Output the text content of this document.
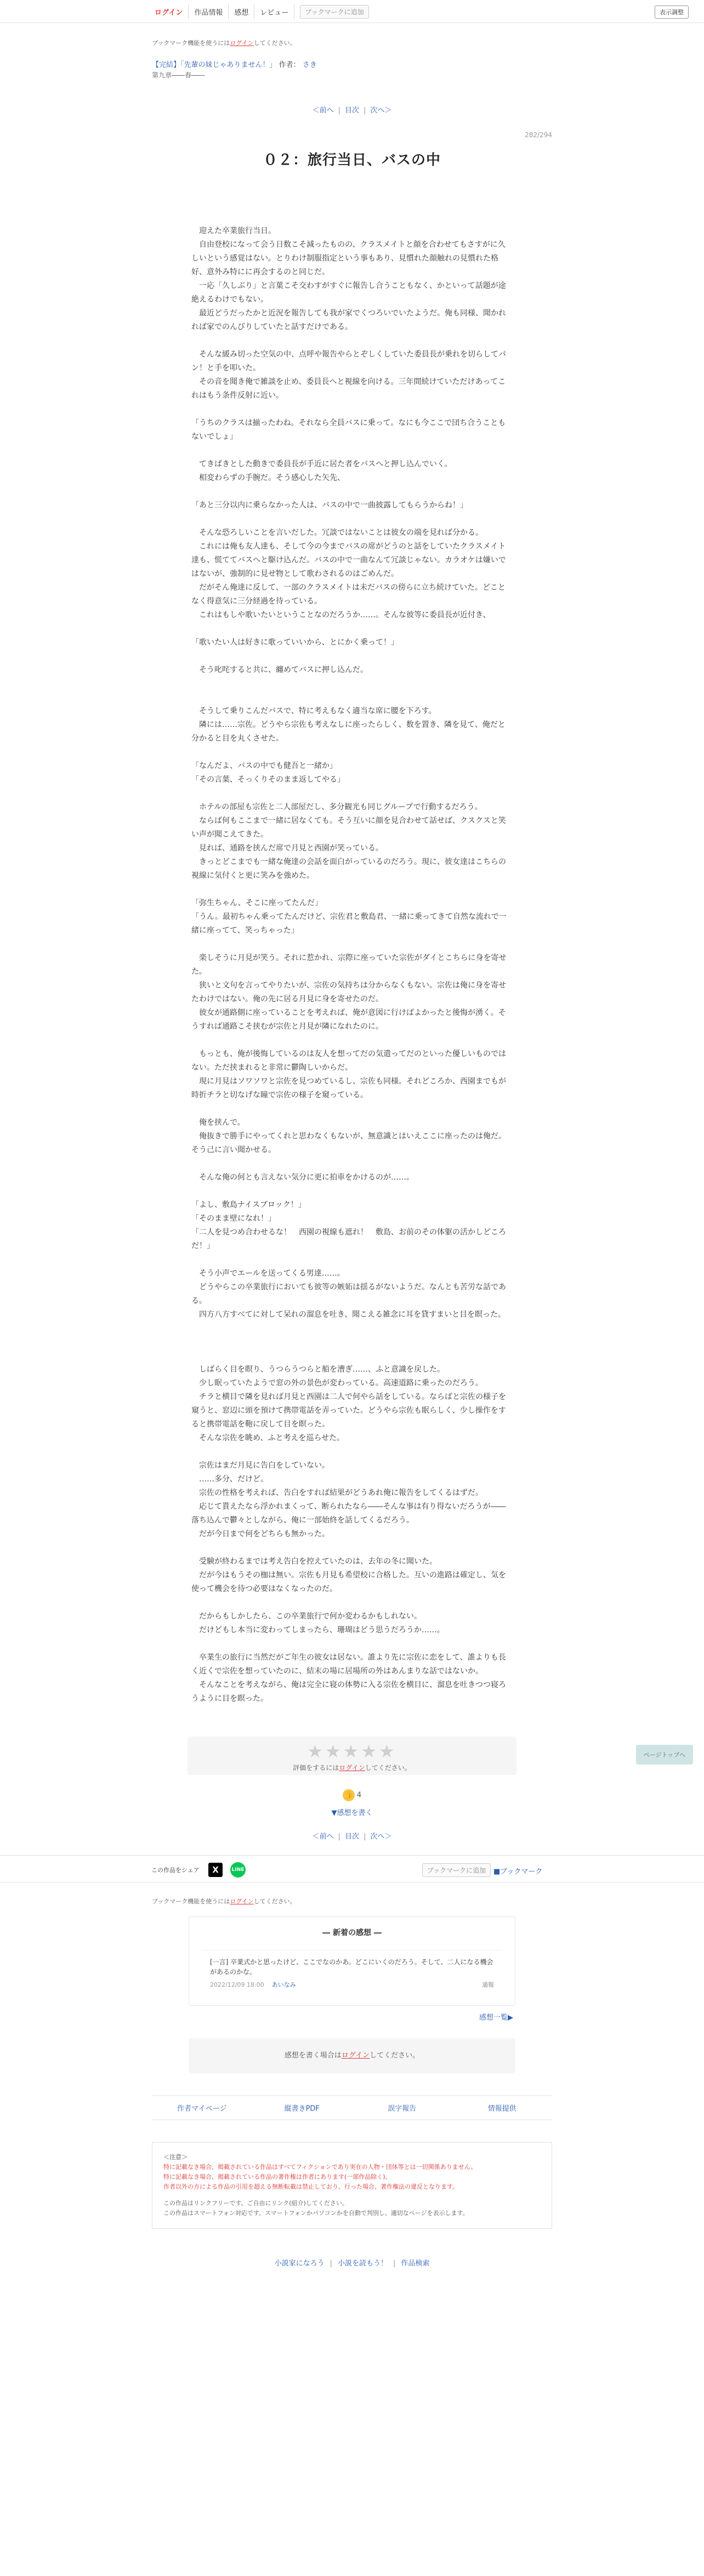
ログイン	作品情報	感想	レビュー	ブックマークに追加	表示調整
ブックマーク機能を使うにはログインしてください。
【完結】「先輩の妹じゃありません！」 作者： さき
第九章――春――
＜前へ | 目次 | 次へ＞
282/294
０２：旅行当日、バスの中

　迎えた卒業旅行当日。

　自由登校になって会う日数こそ減ったものの、クラスメイトと顔を合わせてもさすがに久しいという感覚はない。とりわけ制服指定という事もあり、見慣れた顔触れの見慣れた格好、意外み特にに再会するのと同じだ。

　一応「久しぶり」と言葉こそ交わすがすぐに報告し合うこともなく、かといって話題が途絶えるわけでもない。

　最近どうだったかと近況を報告しても我が家でくつろいでいたようだ。俺も同様、聞かれれば家でのんびりしていたと話すだけである。

　そんな緩み切った空気の中、点呼や報告やらとぞしくしていた委員長が乗れを切らしてパン！と手を叩いた。

　その音を聞き俺で雑談を止め、委員長へと視線を向ける。三年間続けていただけあってこれはもう条件反射に近い。

「うちのクラスは揃ったわね。それなら全員バスに乗って。なにも今ここで団ち合うこともないでしょ」

　てきぱきとした動きで委員長が手近に居た者をバスへと押し込んでいく。

　相変わらずの手腕だ。そう感心した矢先、

「あと三分以内に乗らなかった人は、バスの中で一曲披露してもらうからね！」

　そんな恐ろしいことを言いだした。冗談ではないことは彼女の端を見れば分かる。

　これには俺も友人達も、そして今の今までバスの席がどうのと話をしていたクラスメイト達も、慌ててバスへと駆け込んだ。バスの中で一曲なんて冗談じゃない。カラオケは嫌いではないが、強制的に見せ物として歌わされるのはごめんだ。

　だがそん俺達に反して、一部のクラスメイトは未だバスの傍らに立ち続けていた。どことなく得意気に三分経過を待っている。

　これはもしや歌いたいということなのだろうか……。そんな彼等に委員長が近付き、

「歌いたい人は好きに歌っていいから、とにかく乗って！」

　そう叱咤すると共に、纏めてバスに押し込んだ。

　そうして乗りこんだバスで、特に考えもなく適当な席に腰を下ろす。

　隣には……宗佐。どうやら宗佐も考えなしに座ったらしく、数を置き、隣を見て、俺だと分かると目を丸くさせた。

「なんだよ、バスの中でも健吾と一緒か」

「その言葉、そっくりそのまま返してやる」

　ホテルの部屋も宗佐と二人部屋だし、多分観光も同じグループで行動するだろう。

　ならば何もここまで一緒に居なくても。そう互いに顔を見合わせて話せば、クスクスと笑い声が聞こえてきた。

　見れば、通路を挟んだ席で月見と西園が笑っている。

　きっとどこまでも一緒な俺達の会話を面白がっているのだろう。現に、彼女達はこちらの視線に気付くと更に笑みを強めた。

「弥生ちゃん、そこに座ってたんだ」

「うん。最初ちゃん乗ってたんだけど、宗佐君と敷島君、一緒に乗ってきて自然な流れで一緒に座ってて、笑っちゃった」

　楽しそうに月見が笑う。それに惹かれ、宗際に座っていた宗佐がダイとこちらに身を寄せた。

　狭いと文句を言ってやりたいが、宗佐の気持ちは分からなくもない。宗佐は俺に身を寄せたわけではない。俺の先に居る月見に身を寄せたのだ。

　彼女が通路側に座っていることを考えれば、俺が意図に行けばよかったと後悔が湧く。そうすれば通路こそ挟むが宗佐と月見が隣になれたのに。

　もっとも、俺が後悔しているのは友人を想ってだの気遣ってだのといった優しいものではない。ただ挟まれると非常に鬱陶しいからだ。

　現に月見はソワソワと宗佐を見つめているし、宗佐も同様。それどころか、西園までもが時折チラと切なげな瞳で宗佐の様子を窺っている。

　俺を挟んで。

　俺抜きで勝手にやってくれと思わなくもないが、無意識とはいえここに座ったのは俺だ。そう己に言い聞かせる。

　そんな俺の何とも言えない気分に更に拍車をかけるのが……。

「よし、敷島ナイスブロック！」

「そのまま壁になれ！」

「二人を見つめ合わせるな！　西園の視線も遮れ！　敷島、お前のその体躯の活かしどころだ！」

　そう小声でエールを送ってくる男達……。

　どうやらこの卒業旅行においても彼等の嫉妬は揺るがないようだ。なんとも苦労な話である。

　四方八方すべてに対して呆れの溜息を吐き、聞こえる雑念に耳を貸すまいと目を瞑った。

　しばらく目を瞑り、うつらうつらと船を漕ぎ……、ふと意識を戻した。

　少し眠っていたようで窓の外の景色が変わっている。高速道路に乗ったのだろう。

　チラと横目で隣を見れば月見と西園は二人で何やら話をしている。ならばと宗佐の様子を窺うと、窓辺に頭を預けて携帯電話を弄っていた。どうやら宗佐も眠らしく、少し操作をすると携帯電話を鞄に戻して目を瞑った。

　そんな宗佐を眺め、ふと考えを巡らせた。

　宗佐はまだ月見に告白をしていない。

　……多分、だけど。

　宗佐の性格を考えれば、告白をすれば結果がどうあれ俺に報告をしてくるはずだ。

　応じて貰えたなら浮かれまくって、断られたなら――そんな事は有り得ないだろうが――落ち込んで鬱々としながら、俺に一部始終を話してくるだろう。

　だが今日まで何をどちらも無かった。

　受験が終わるまでは考え告白を控えていたのは、去年の冬に聞いた。

　だが今はもうその枷は無い。宗佐も月見も希望校に合格した。互いの進路は確定し、気を使って機会を待つ必要はなくなったのだ。

　だからもしかしたら、この卒業旅行で何か変わるかもしれない。

　だけどもし本当に変わってしまったら、珊瑚はどう思うだろうか……。

　卒業生の旅行に当然だがご年生の彼女は居ない。誰より先に宗佐に恋をして、誰よりも長く近くで宗佐を想っていたのに、結末の場に居場所の外はあんまりな話ではないか。

　そんなことを考えながら、俺は完全に寝の体勢に入る宗佐を横目に、溜息を吐きつつ寝ろうように目を瞑った。

★★★★★
評価をするにはログインしてください。
👍 4
▼感想を書く
＜前へ | 目次 | 次へ＞
ページトップへ
この作品をシェア	X	LINE	ブックマークに追加	■ブックマーク
ブックマーク機能を使うにはログインしてください。
― 新着の感想 ―
[一言] 卒業式かと思ったけど、ここでなのかあ。どこにいくのだろう。そして、二人になる機会があるのかな。
2022/12/09 18:00 あいなみ	通報
感想一覧▶
感想を書く場合はログインしてください。
作者マイページ	縦書きPDF	誤字報告	情報提供
＜注意＞
特に記載なき場合、掲載されている作品はすべてフィクションであり実在の人物・団体等とは一切関係ありません。
特に記載なき場合、掲載されている作品の著作権は作者にあります(一部作品除く)。
作者以外の方による作品の引用を超える無断転載は禁止しており、行った場合、著作権法の違反となります。
この作品はリンクフリーです。ご自由にリンク(紹介)してください。
この作品はスマートフォン対応です。スマートフォンかパソコンかを自動で判別し、適切なページを表示します。
小説家になろう | 小説を読もう！ | 作品検索
